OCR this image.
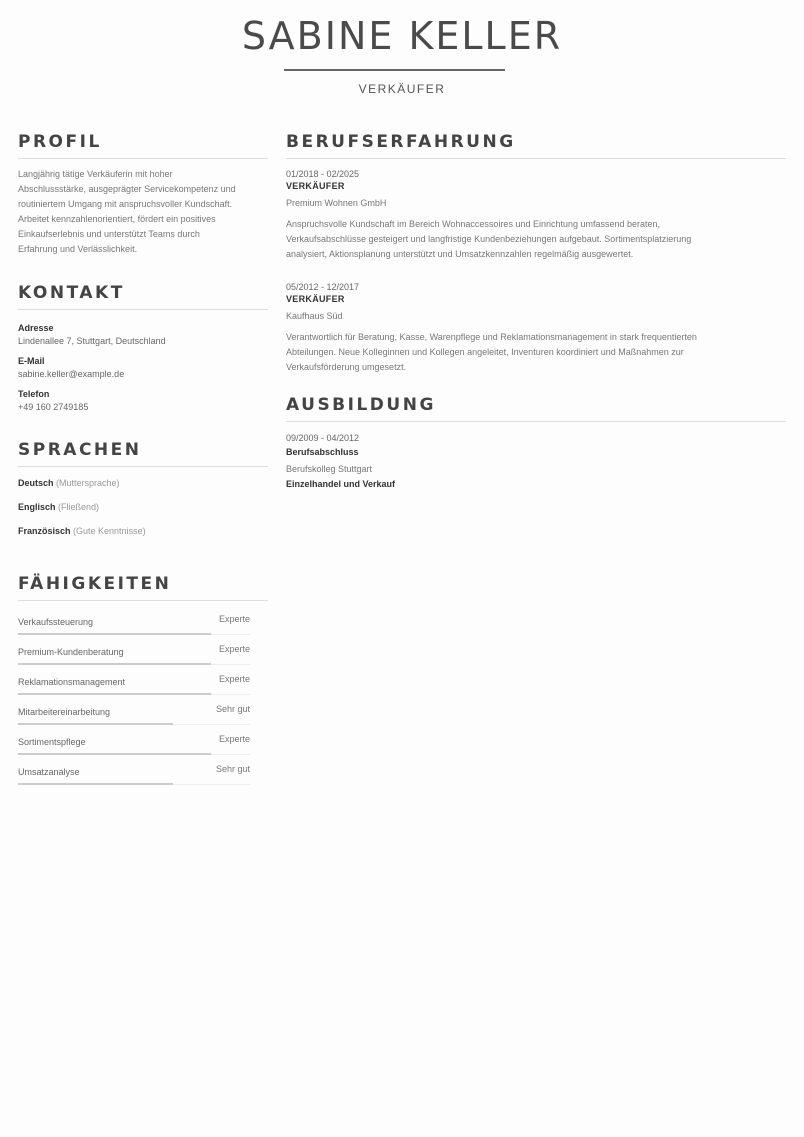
SABINE KELLER
VERKÄUFER
PROFIL
Langjährig tätige Verkäuferin mit hoher
Abschlussstärke, ausgeprägter Servicekompetenz und
routiniertem Umgang mit anspruchsvoller Kundschaft.
Arbeitet kennzahlenorientiert, fördert ein positives
Einkaufserlebnis und unterstützt Teams durch
Erfahrung und Verlässlichkeit.
KONTAKT
Adresse
Lindenallee 7, Stuttgart, Deutschland
E-Mail
sabine.keller@example.de
Telefon
+49 160 2749185
SPRACHEN
Deutsch (Muttersprache)
Englisch (Fließend)
Französisch (Gute Kenntnisse)
FÄHIGKEITEN
Verkaufssteuerung	Experte
Premium-Kundenberatung	Experte
Reklamationsmanagement	Experte
Mitarbeitereinarbeitung	Sehr gut
Sortimentspflege	Experte
Umsatzanalyse	Sehr gut
BERUFSERFAHRUNG
01/2018 - 02/2025
VERKÄUFER
Premium Wohnen GmbH
Anspruchsvolle Kundschaft im Bereich Wohnaccessoires und Einrichtung umfassend beraten,
Verkaufsabschlüsse gesteigert und langfristige Kundenbeziehungen aufgebaut. Sortimentsplatzierung
analysiert, Aktionsplanung unterstützt und Umsatzkennzahlen regelmäßig ausgewertet.
05/2012 - 12/2017
VERKÄUFER
Kaufhaus Süd
Verantwortlich für Beratung, Kasse, Warenpflege und Reklamationsmanagement in stark frequentierten
Abteilungen. Neue Kolleginnen und Kollegen angeleitet, Inventuren koordiniert und Maßnahmen zur
Verkaufsförderung umgesetzt.
AUSBILDUNG
09/2009 - 04/2012
Berufsabschluss
Berufskolleg Stuttgart
Einzelhandel und Verkauf
